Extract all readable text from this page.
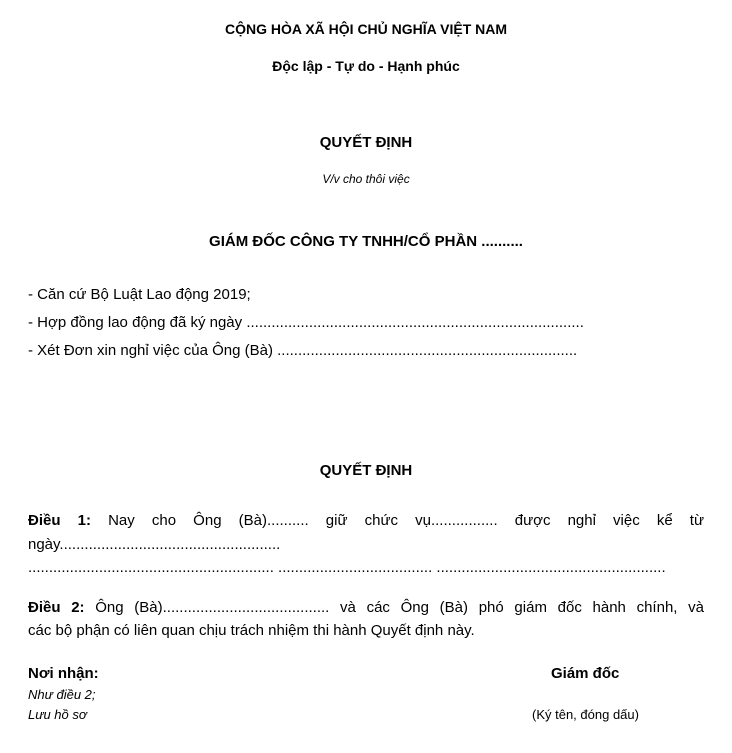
CỘNG HÒA XÃ HỘI CHỦ NGHĨA VIỆT NAM
Độc lập - Tự do - Hạnh phúc
QUYẾT ĐỊNH
V/v cho thôi việc
GIÁM ĐỐC CÔNG TY TNHH/CỔ PHẦN ..........
- Căn cứ Bộ Luật Lao động 2019;
- Hợp đồng lao động đã ký ngày .................................................................................
- Xét Đơn xin nghỉ việc của Ông (Bà) ........................................................................
QUYẾT ĐỊNH
Điều 1: Nay cho Ông (Bà).......... giữ chức vụ................ được nghỉ việc kể từ
ngày.....................................................
........................................................... ..................................... .......................................................
Điều 2: Ông (Bà)........................................ và các Ông (Bà) phó giám đốc hành chính, và
các bộ phận có liên quan chịu trách nhiệm thi hành Quyết định này.
Nơi nhận:
Như điều 2;
Lưu hồ sơ
Giám đốc
(Ký tên, đóng dấu)
